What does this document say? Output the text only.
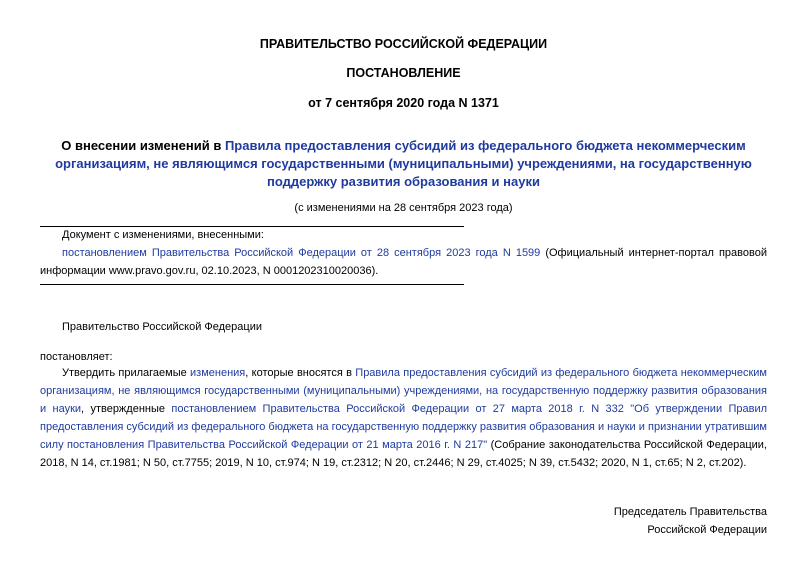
ПРАВИТЕЛЬСТВО РОССИЙСКОЙ ФЕДЕРАЦИИ
ПОСТАНОВЛЕНИЕ
от 7 сентября 2020 года N 1371
О внесении изменений в Правила предоставления субсидий из федерального бюджета некоммерческим организациям, не являющимся государственными (муниципальными) учреждениями, на государственную поддержку развития образования и науки
(с изменениями на 28 сентября 2023 года)
Документ с изменениями, внесенными:
постановлением Правительства Российской Федерации от 28 сентября 2023 года N 1599 (Официальный интернет-портал правовой информации www.pravo.gov.ru, 02.10.2023, N 0001202310020036).
Правительство Российской Федерации
постановляет:
Утвердить прилагаемые изменения, которые вносятся в Правила предоставления субсидий из федерального бюджета некоммерческим организациям, не являющимся государственными (муниципальными) учреждениями, на государственную поддержку развития образования и науки, утвержденные постановлением Правительства Российской Федерации от 27 марта 2018 г. N 332 "Об утверждении Правил предоставления субсидий из федерального бюджета на государственную поддержку развития образования и науки и признании утратившим силу постановления Правительства Российской Федерации от 21 марта 2016 г. N 217" (Собрание законодательства Российской Федерации, 2018, N 14, ст.1981; N 50, ст.7755; 2019, N 10, ст.974; N 19, ст.2312; N 20, ст.2446; N 29, ст.4025; N 39, ст.5432; 2020, N 1, ст.65; N 2, ст.202).
Председатель Правительства
Российской Федерации
